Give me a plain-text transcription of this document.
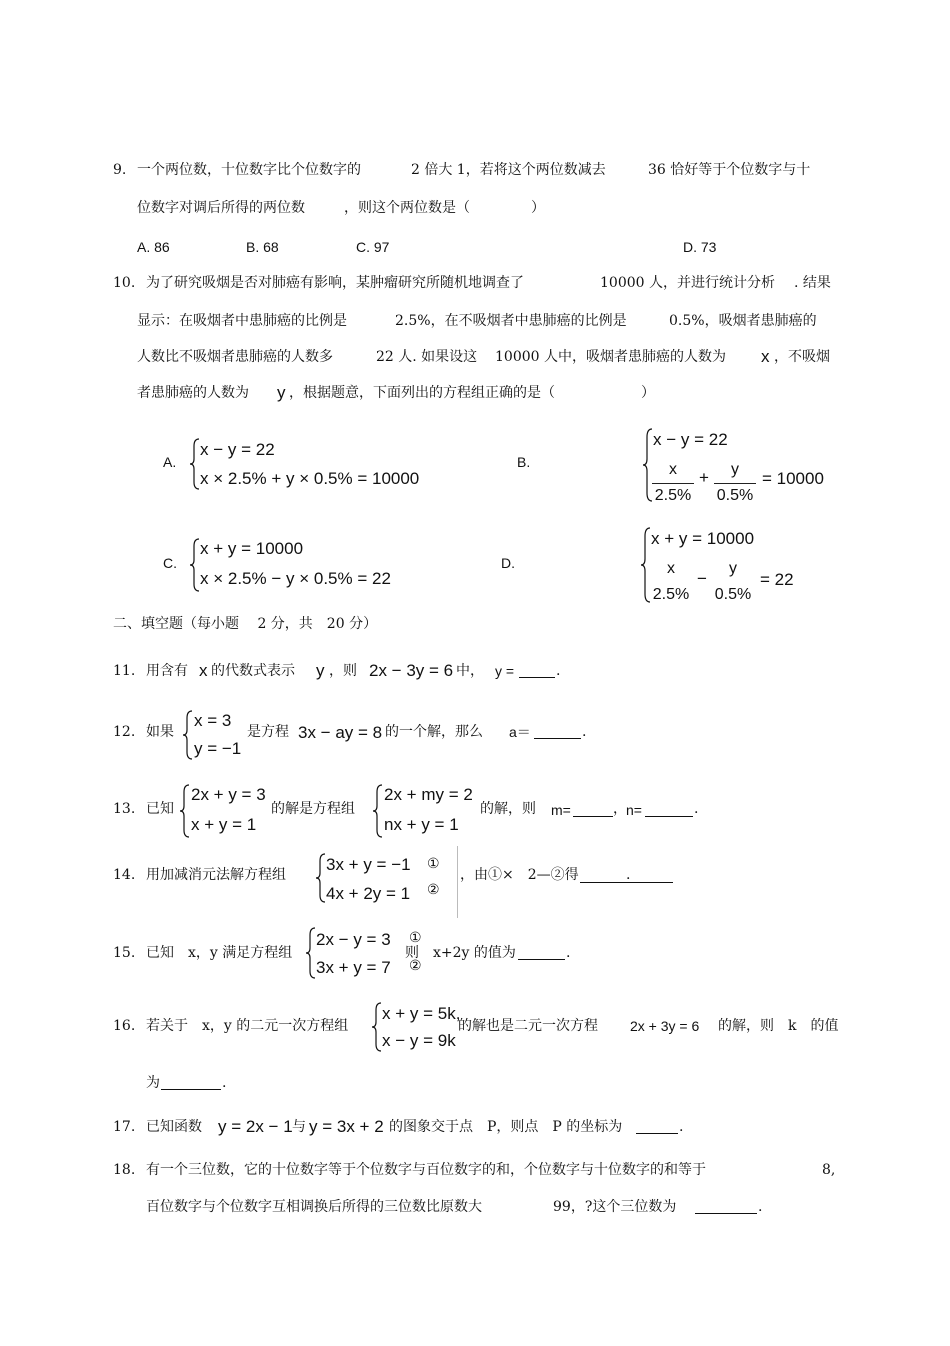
9. 一个两位数，十位数字比个位数字的	2 倍大 1，若将这个两位数减去	36 恰好等于个位数字与十
位数字对调后所得的两位数	，则这个两位数是（	）
A. 86	B. 68	C. 97	D. 73
10. 为了研究吸烟是否对肺癌有影响，某肿瘤研究所随机地调查了	10000 人，并进行统计分析 . 结果
显示：在吸烟者中患肺癌的比例是	2.5%，在不吸烟者中患肺癌的比例是	0.5%，吸烟者患肺癌的
人数比不吸烟者患肺癌的人数多	22 人. 如果设这 10000 人中，吸烟者患肺癌的人数为 x ，不吸烟
者患肺癌的人数为 y ，根据题意，下面列出的方程组正确的是（	）
A.
x − y = 22
x × 2.5% + y × 0.5% = 10000
B.
x − y = 22
x
2.5%
+ y
0.5%
= 10000
C.
x + y = 10000
x × 2.5% − y × 0.5% = 22
D.
x + y = 10000
x
2.5%
−
y
0.5%
= 22
二、填空题（每小题　 2 分，共　20 分）
11. 用含有 x 的代数式表示 y ，则 2x − 3y = 6 中， y =	.
12. 如果
x = 3
y = −1
是方程 3x − ay = 8 的一个解，那么 a＝	.
13. 已知
2x + y = 3
x + y = 1
的解是方程组
2x + my = 2
nx + y = 1
的解，则 m=	， n=	.
14. 用加减消元法解方程组
3x + y = −1
4x + 2y = 1
①
②
，由①×　2—②得	.
15. 已知　x，y 满足方程组
2x − y = 3
3x + y = 7
①
②
则　x+2y 的值为	.
16. 若关于　x，y 的二元一次方程组
x + y = 5k,
x − y = 9k
的解也是二元一次方程 2x + 3y = 6 的解，则　k　的值
为	.
17. 已知函数 y = 2x − 1 与 y = 3x + 2 的图象交于点　P，则点　P 的坐标为	.
18. 有一个三位数，它的十位数字等于个位数字与百位数字的和，个位数字与十位数字的和等于	8,
百位数字与个位数字互相调换后所得的三位数比原数大	99，?这个三位数为	.
